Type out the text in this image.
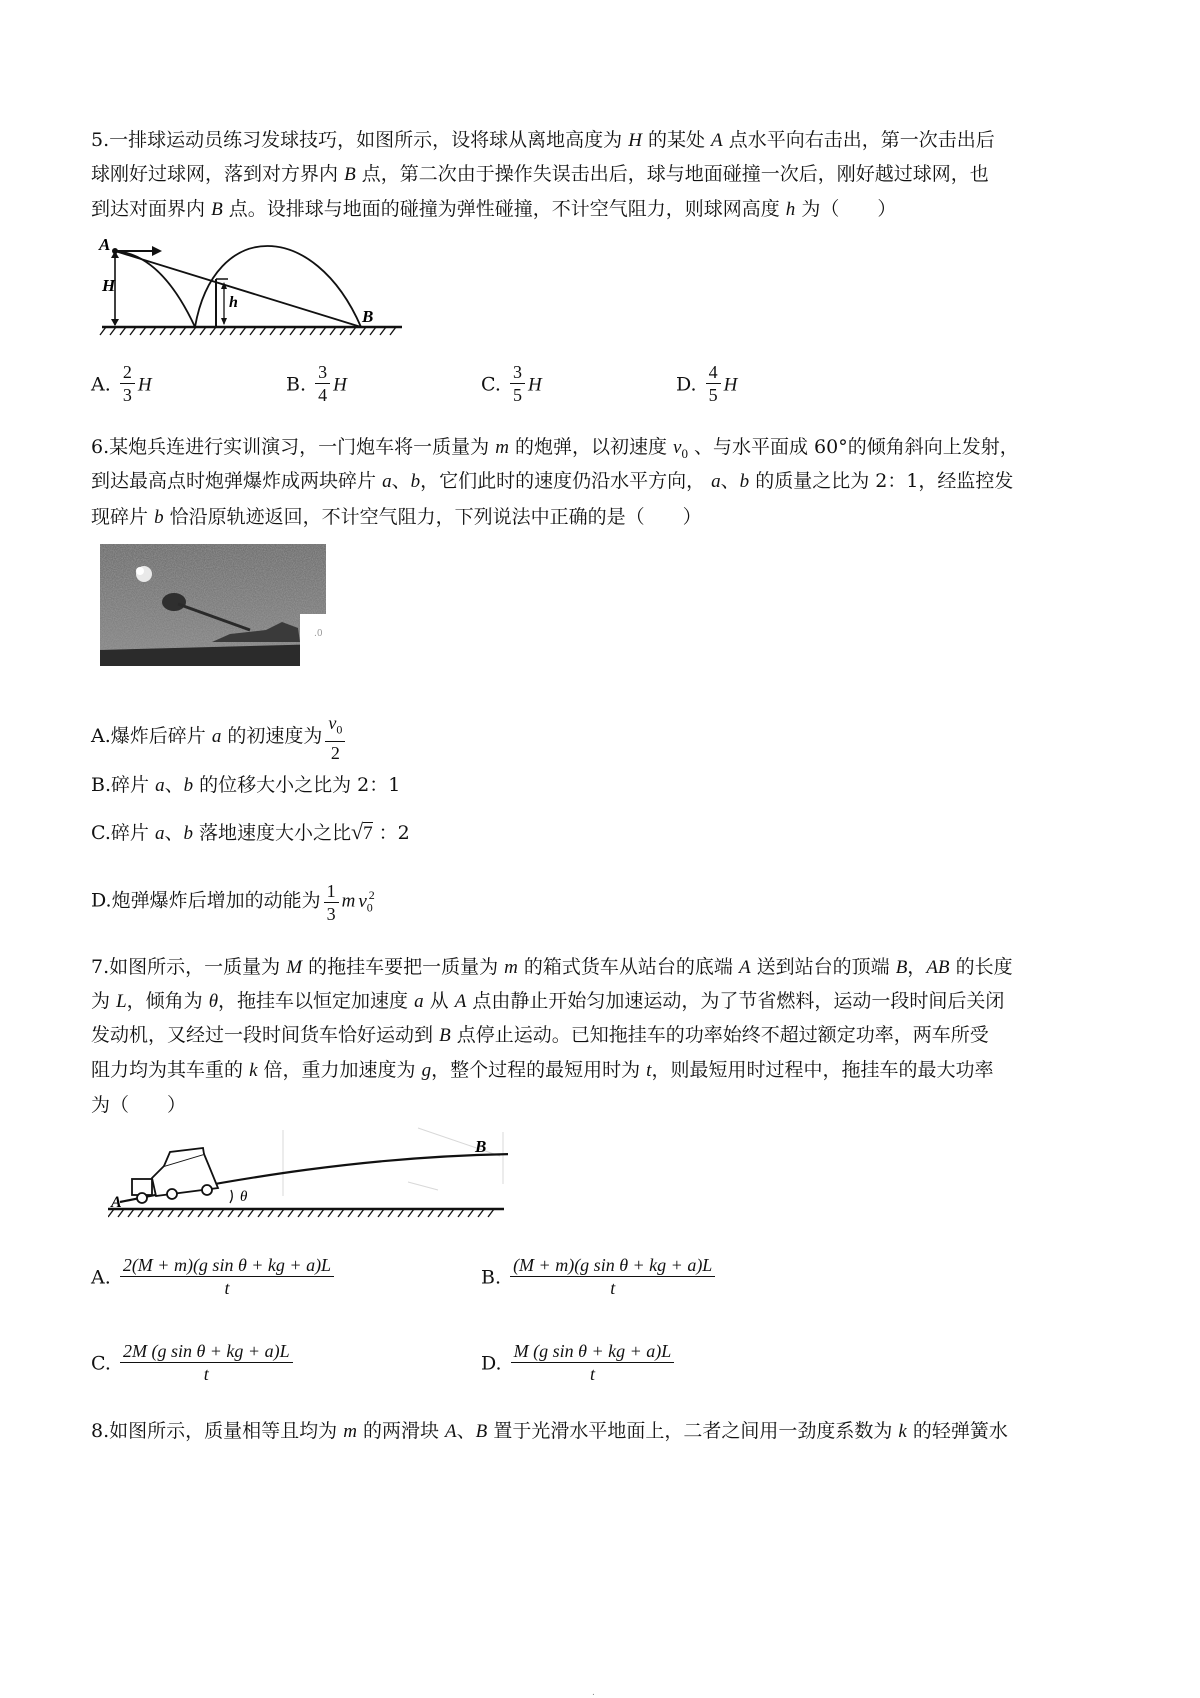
5.一排球运动员练习发球技巧，如图所示，设将球从离地高度为 H 的某处 A 点水平向右击出，第一次击出后
球刚好过球网，落到对方界内 B 点，第二次由于操作失误击出后，球与地面碰撞一次后，刚好越过球网，也
到达对面界内 B 点。设排球与地面的碰撞为弹性碰撞，不计空气阻力，则球网高度 h 为（　　）
A
H
h
B
A. $\frac{2}{3}$ H	B. $\frac{3}{4}$ H	C. $\frac{3}{5}$ H	D. $\frac{4}{5}$ H
6.某炮兵连进行实训演习，一门炮车将一质量为 m 的炮弹，以初速度 $v_0$ 、与水平面成 60°的倾角斜向上发射，
到达最高点时炮弹爆炸成两块碎片 a、b，它们此时的速度仍沿水平方向， a、b 的质量之比为 2：1，经监控发
现碎片 b 恰沿原轨迹返回，不计空气阻力，下列说法中正确的是（　　）
.0
A.爆炸后碎片 a 的初速度为 $\frac{v_0}{2}$
B.碎片 a、b 的位移大小之比为 2：1
C.碎片 a、b 落地速度大小之比√7 ：2
D.炮弹爆炸后增加的动能为 $\frac{1}{3}$ m $v_0^2$
7.如图所示，一质量为 M 的拖挂车要把一质量为 m 的箱式货车从站台的底端 A 送到站台的顶端 B，AB 的长度
为 L，倾角为 θ，拖挂车以恒定加速度 a 从 A 点由静止开始匀加速运动，为了节省燃料，运动一段时间后关闭
发动机，又经过一段时间货车恰好运动到 B 点停止运动。已知拖挂车的功率始终不超过额定功率，两车所受
阻力均为其车重的 k 倍，重力加速度为 g，整个过程的最短用时为 t，则最短用时过程中，拖挂车的最大功率
为（　　）
A
B
θ
A. $\frac{\text{2(M + m)(g sin θ + kg + a)L}}{t}$	B. $\frac{\text{(M + m)(g sin θ + kg + a)L}}{t}$
C. $\frac{\text{2M (g sin θ + kg + a)L}}{t}$	D. $\frac{\text{M (g sin θ + kg + a)L}}{t}$
8.如图所示，质量相等且均为 m 的两滑块 A、B 置于光滑水平地面上，二者之间用一劲度系数为 k 的轻弹簧水
.
